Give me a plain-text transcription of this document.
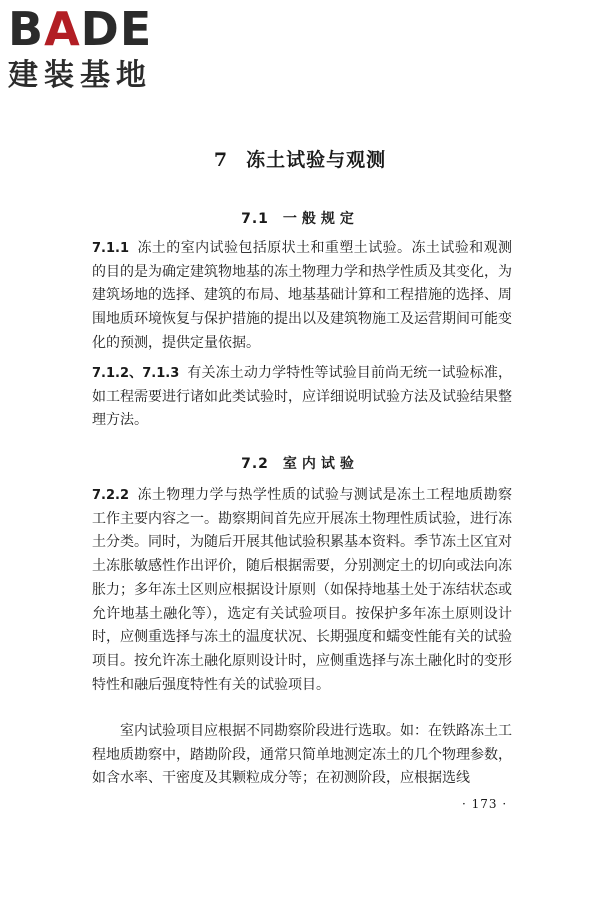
BADE
建装基地
7 冻土试验与观测
7.1 一般规定

7.1.1 冻土的室内试验包括原状土和重塑土试验。冻土试验和观测的目的是为确定建筑物地基的冻土物理力学和热学性质及其变化，为建筑场地的选择、建筑的布局、地基基础计算和工程措施的选择、周围地质环境恢复与保护措施的提出以及建筑物施工及运营期间可能变化的预测，提供定量依据。

7.1.2、7.1.3 有关冻土动力学特性等试验目前尚无统一试验标准，如工程需要进行诸如此类试验时，应详细说明试验方法及试验结果整理方法。

7.2 室内试验

7.2.2 冻土物理力学与热学性质的试验与测试是冻土工程地质勘察工作主要内容之一。勘察期间首先应开展冻土物理性质试验，进行冻土分类。同时，为随后开展其他试验积累基本资料。季节冻土区宜对土冻胀敏感性作出评价，随后根据需要，分别测定土的切向或法向冻胀力；多年冻土区则应根据设计原则（如保持地基土处于冻结状态或允许地基土融化等），选定有关试验项目。按保护多年冻土原则设计时，应侧重选择与冻土的温度状况、长期强度和蠕变性能有关的试验项目。按允许冻土融化原则设计时，应侧重选择与冻土融化时的变形特性和融后强度特性有关的试验项目。

室内试验项目应根据不同勘察阶段进行选取。如：在铁路冻土工程地质勘察中，踏勘阶段，通常只简单地测定冻土的几个物理参数，如含水率、干密度及其颗粒成分等；在初测阶段，应根据选线

· 173 ·
